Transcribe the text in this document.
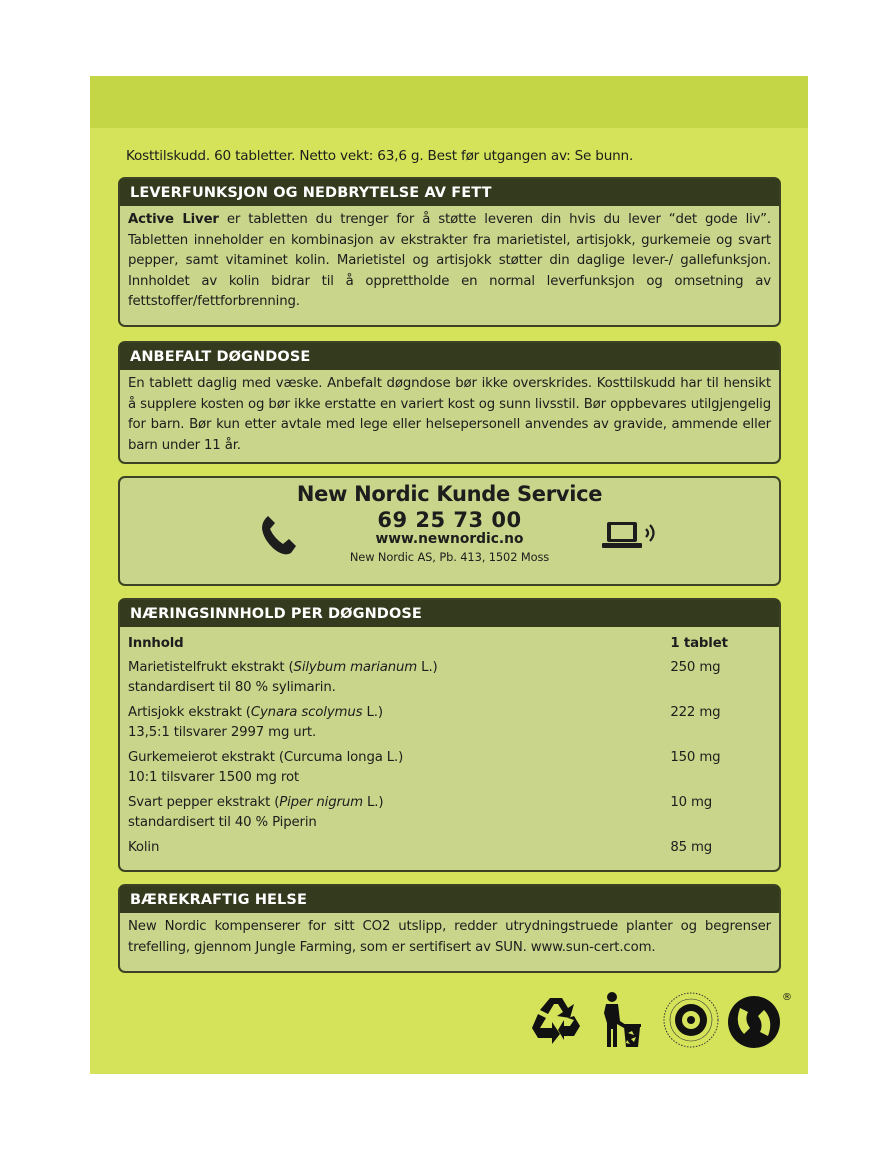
Kosttilskudd. 60 tabletter. Netto vekt: 63,6 g. Best før utgangen av: Se bunn.
LEVERFUNKSJON OG NEDBRYTELSE AV FETT
Active Liver er tabletten du trenger for å støtte leveren din hvis du lever “det gode liv”. Tabletten inneholder en kombinasjon av ekstrakter fra marietistel, artisjokk, gurkemeie og svart pepper, samt vitaminet kolin. Marietistel og artisjokk støtter din daglige lever-/ gallefunksjon. Innholdet av kolin bidrar til å opprettholde en normal leverfunksjon og omsetning av fettstoffer/fettforbrenning.
ANBEFALT DØGNDOSE
En tablett daglig med væske. Anbefalt døgndose bør ikke overskrides. Kosttilskudd har til hensikt å supplere kosten og bør ikke erstatte en variert kost og sunn livsstil. Bør oppbevares utilgjengelig for barn. Bør kun etter avtale med lege eller helsepersonell anvendes av gravide, ammende eller barn under 11 år.
New Nordic Kunde Service
69 25 73 00
www.newnordic.no
New Nordic AS, Pb. 413, 1502 Moss
NÆRINGSINNHOLD PER DØGNDOSE
Innhold	1 tablet
Marietistelfrukt ekstrakt (Silybum marianum L.)
standardisert til 80 % sylimarin.	250 mg
Artisjokk ekstrakt (Cynara scolymus L.)
13,5:1 tilsvarer 2997 mg urt.	222 mg
Gurkemeierot ekstrakt (Curcuma longa L.)
10:1 tilsvarer 1500 mg rot	150 mg
Svart pepper ekstrakt (Piper nigrum L.)
standardisert til 40 % Piperin	10 mg
Kolin	85 mg
BÆREKRAFTIG HELSE
New Nordic kompenserer for sitt CO2 utslipp, redder utrydningstruede planter og begrenser trefelling, gjennom Jungle Farming, som er sertifisert av SUN. www.sun-cert.com.
®
